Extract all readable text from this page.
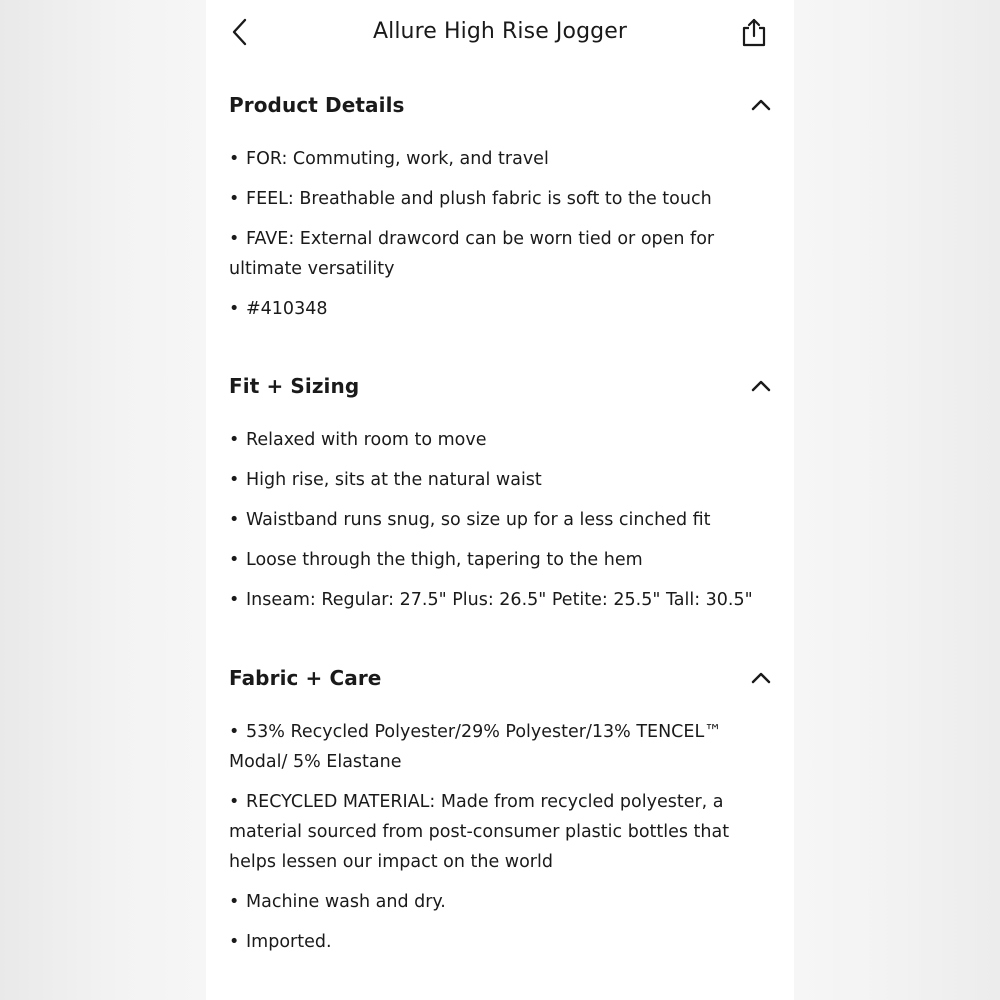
Allure High Rise Jogger
Product Details
• FOR: Commuting, work, and travel
• FEEL: Breathable and plush fabric is soft to the touch
• FAVE: External drawcord can be worn tied or open for ultimate versatility
• #410348
Fit + Sizing
• Relaxed with room to move
• High rise, sits at the natural waist
• Waistband runs snug, so size up for a less cinched fit
• Loose through the thigh, tapering to the hem
• Inseam: Regular: 27.5" Plus: 26.5" Petite: 25.5" Tall: 30.5"
Fabric + Care
• 53% Recycled Polyester/29% Polyester/13% TENCEL™ Modal/ 5% Elastane
• RECYCLED MATERIAL: Made from recycled polyester, a material sourced from post-consumer plastic bottles that helps lessen our impact on the world
• Machine wash and dry.
• Imported.
